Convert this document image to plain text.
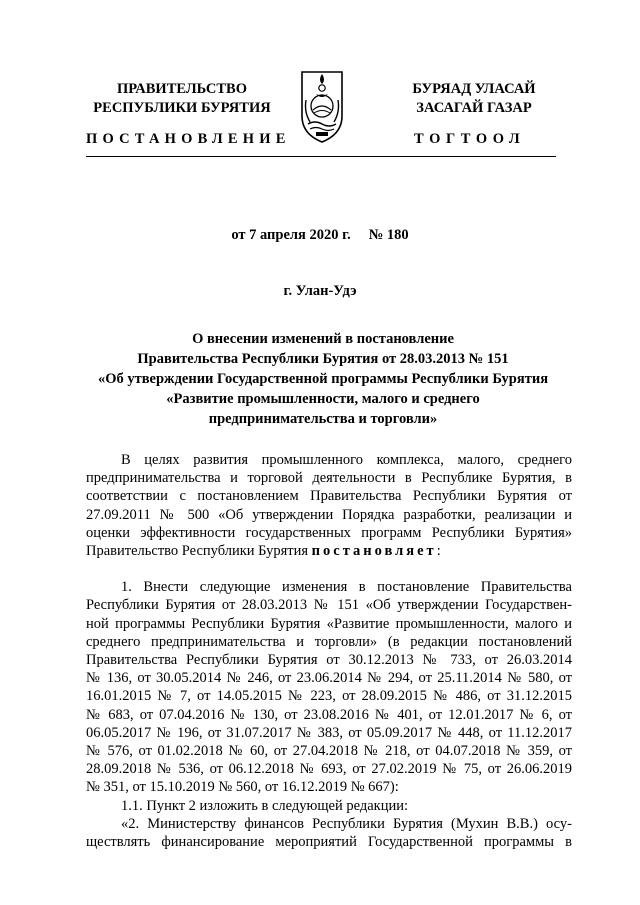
ПРАВИТЕЛЬСТВО
РЕСПУБЛИКИ БУРЯТИЯ
БУРЯАД УЛАСАЙ
ЗАСАГАЙ ГАЗАР
ПОСТАНОВЛЕНИЕ	ТОГТООЛ
от 7 апреля 2020 г. № 180
г. Улан-Удэ
О внесении изменений в постановление
Правительства Республики Бурятия от 28.03.2013 № 151
«Об утверждении Государственной программы Республики Бурятия
«Развитие промышленности, малого и среднего
предпринимательства и торговли»
В целях развития промышленного комплекса, малого, среднего
предпринимательства и торговой деятельности в Республике Бурятия, в
соответствии с постановлением Правительства Республики Бурятия от
27.09.2011 № 500 «Об утверждении Порядка разработки, реализации и
оценки эффективности государственных программ Республики Бурятия»
Правительство Республики Бурятия постановляет:
1. Внести следующие изменения в постановление Правительства
Республики Бурятия от 28.03.2013 № 151 «Об утверждении Государствен-
ной программы Республики Бурятия «Развитие промышленности, малого и
среднего предпринимательства и торговли» (в редакции постановлений
Правительства Республики Бурятия от 30.12.2013 № 733, от 26.03.2014
№ 136, от 30.05.2014 № 246, от 23.06.2014 № 294, от 25.11.2014 № 580, от
16.01.2015 № 7, от 14.05.2015 № 223, от 28.09.2015 № 486, от 31.12.2015
№ 683, от 07.04.2016 № 130, от 23.08.2016 № 401, от 12.01.2017 № 6, от
06.05.2017 № 196, от 31.07.2017 № 383, от 05.09.2017 № 448, от 11.12.2017
№ 576, от 01.02.2018 № 60, от 27.04.2018 № 218, от 04.07.2018 № 359, от
28.09.2018 № 536, от 06.12.2018 № 693, от 27.02.2019 № 75, от 26.06.2019
№ 351, от 15.10.2019 № 560, от 16.12.2019 № 667):
1.1. Пункт 2 изложить в следующей редакции:
«2. Министерству финансов Республики Бурятия (Мухин В.В.) осу-
ществлять финансирование мероприятий Государственной программы в
